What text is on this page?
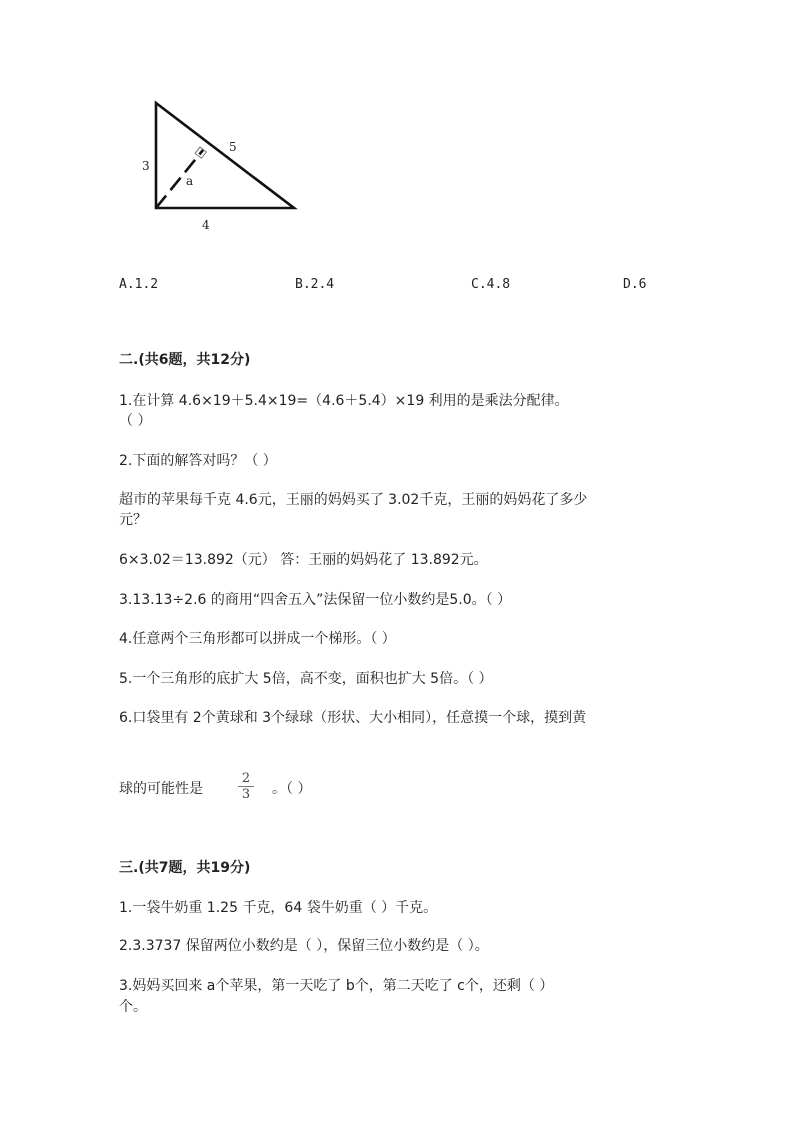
3
5
a
4
A.1.2	B.2.4	C.4.8	D.6
二.(共6题，共12分)
1.在计算 4.6×19＋5.4×19=（4.6＋5.4）×19 利用的是乘法分配律。
（ ）
2.下面的解答对吗？（ ）
超市的苹果每千克 4.6元，王丽的妈妈买了 3.02千克，王丽的妈妈花了多少
元？
6×3.02＝13.892（元） 答：王丽的妈妈花了 13.892元。
3.13.13÷2.6 的商用“四舍五入”法保留一位小数约是5.0。（ ）
4.任意两个三角形都可以拼成一个梯形。（ ）
5.一个三角形的底扩大 5倍，高不变，面积也扩大 5倍。（ ）
6.口袋里有 2个黄球和 3个绿球（形状、大小相同），任意摸一个球，摸到黄
球的可能性是	$\frac{2}{3}$ 。（ ）
三.(共7题，共19分)
1.一袋牛奶重 1.25 千克，64 袋牛奶重（ ）千克。
2.3.3737 保留两位小数约是（ ），保留三位小数约是（ ）。
3.妈妈买回来 a个苹果，第一天吃了 b个，第二天吃了 c个，还剩（ ）
个。
